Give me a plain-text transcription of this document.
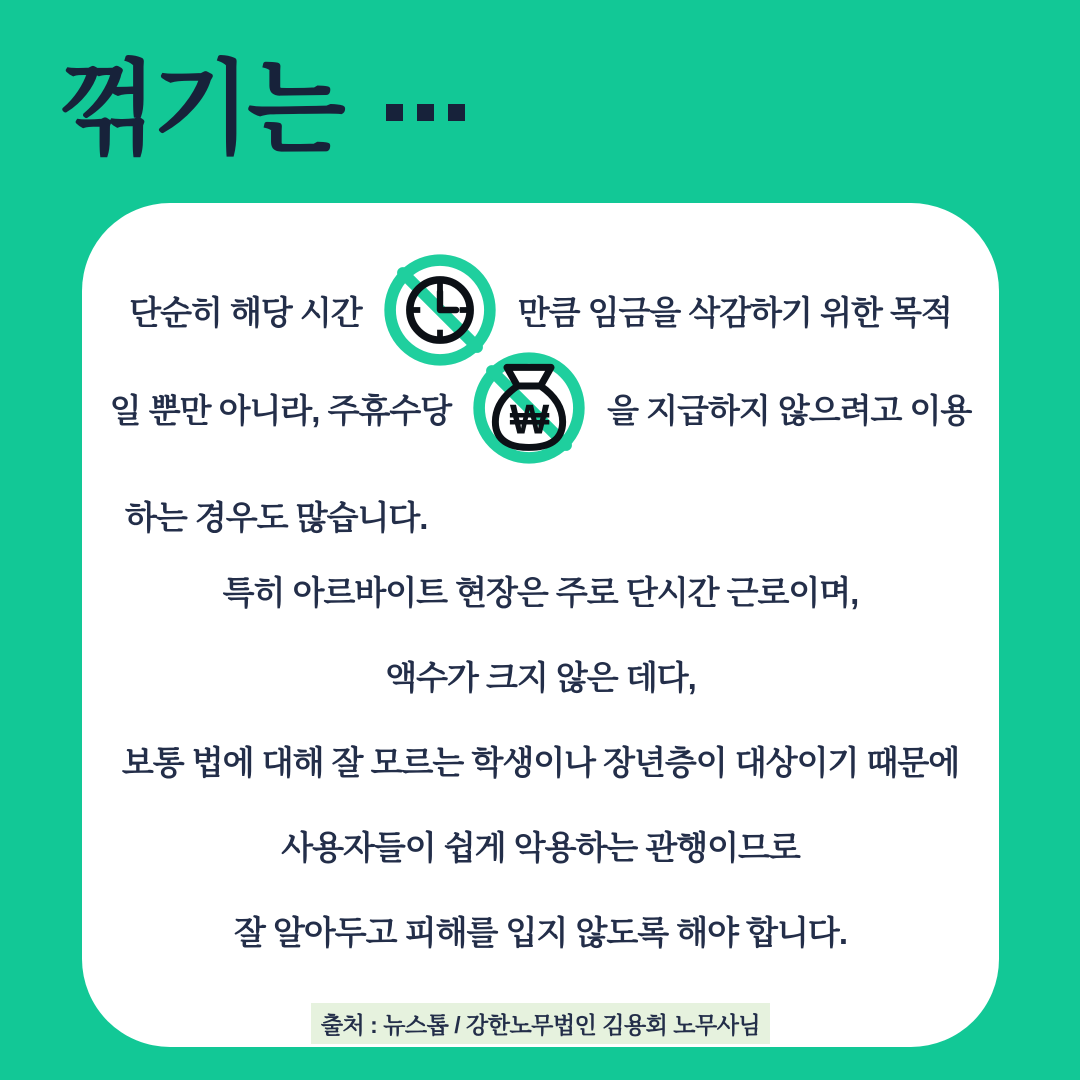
꺾기는
단순히 해당 시간	만큼 임금을 삭감하기 위한 목적
일 뿐만 아니라, 주휴수당 ₩ 을 지급하지 않으려고 이용
하는 경우도 많습니다.
특히 아르바이트 현장은 주로 단시간 근로이며,
액수가 크지 않은 데다,
보통 법에 대해 잘 모르는 학생이나 장년층이 대상이기 때문에
사용자들이 쉽게 악용하는 관행이므로
잘 알아두고 피해를 입지 않도록 해야 합니다.
출처 : 뉴스톱 / 강한노무법인 김용회 노무사님
